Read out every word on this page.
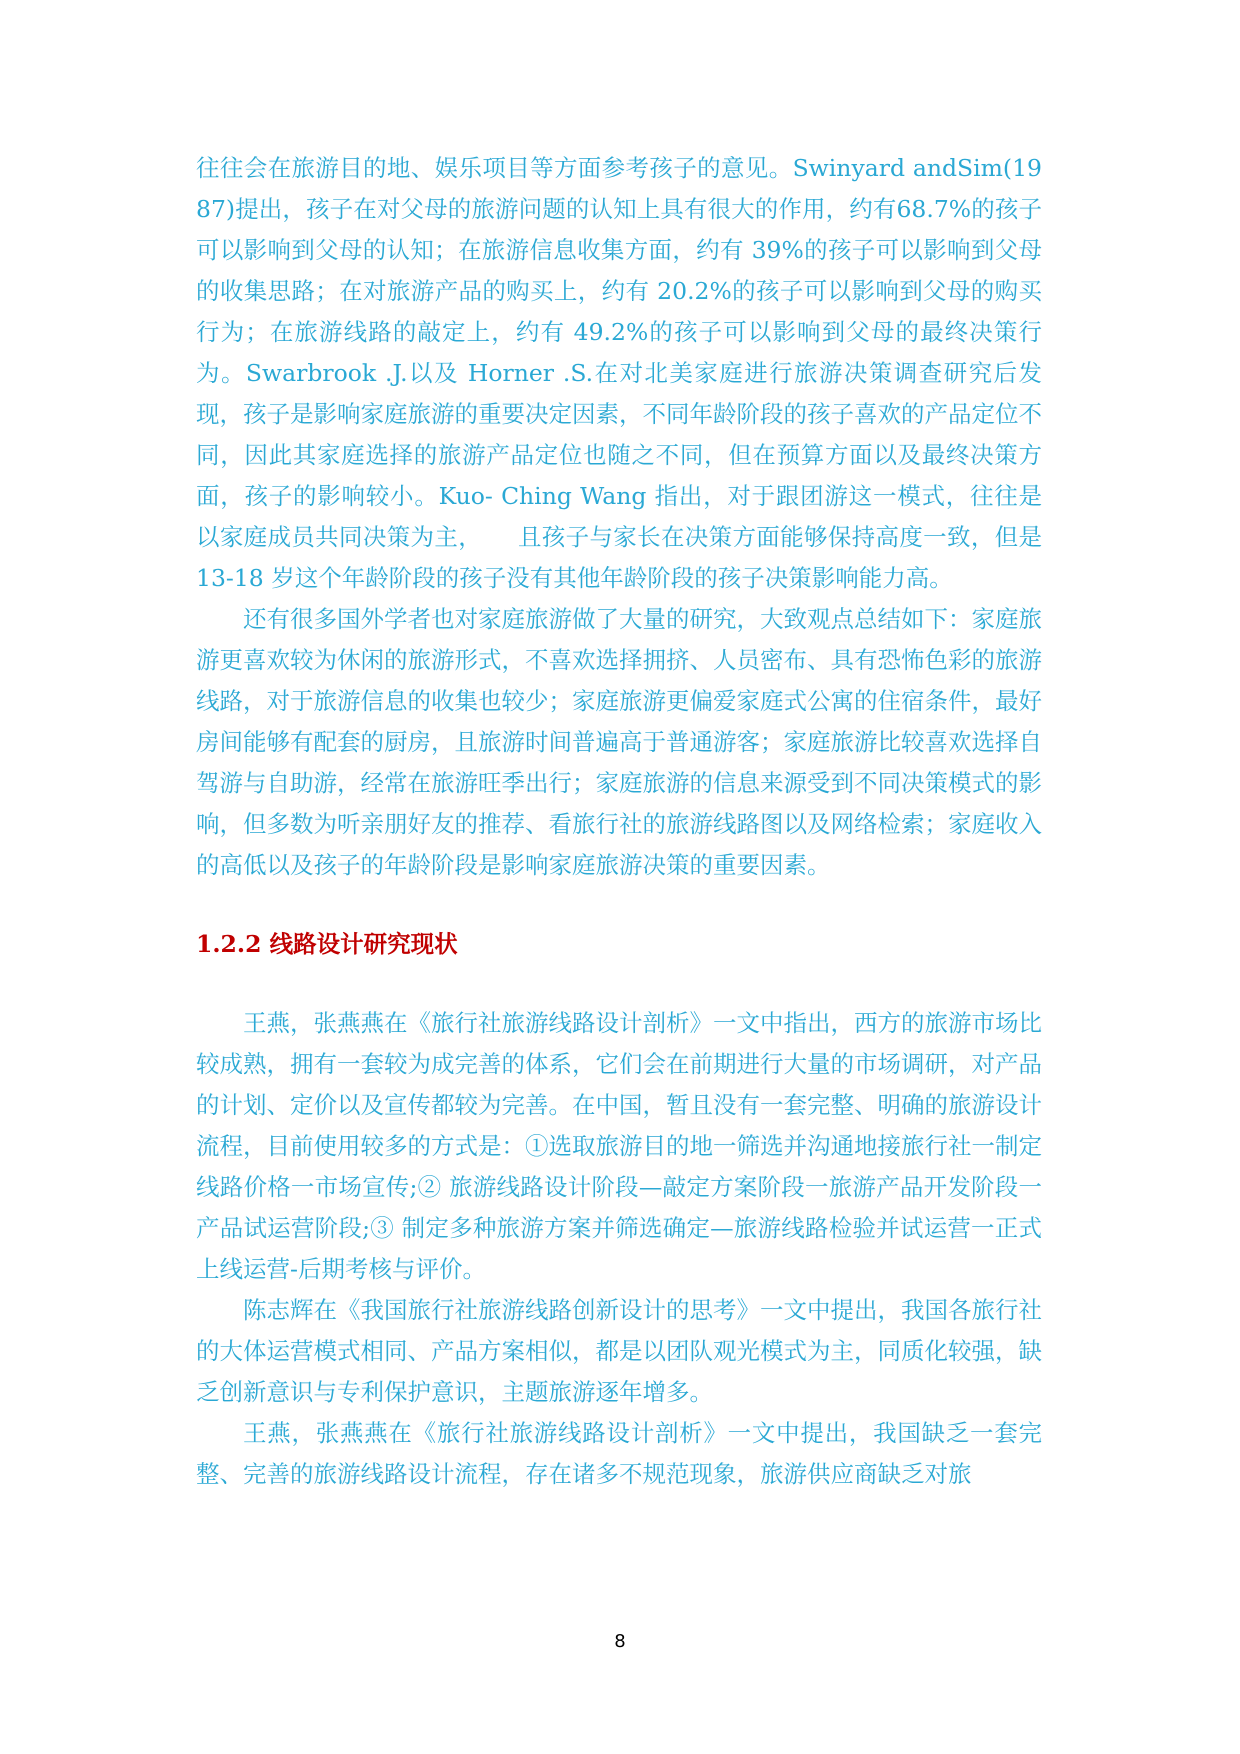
往往会在旅游目的地、娱乐项目等方面参考孩子的意见。Swinyard andSim(1987)提出，孩子在对父母的旅游问题的认知上具有很大的作用，约有68.7%的孩子可以影响到父母的认知；在旅游信息收集方面，约有 39%的孩子可以影响到父母的收集思路；在对旅游产品的购买上，约有 20.2%的孩子可以影响到父母的购买行为；在旅游线路的敲定上，约有 49.2%的孩子可以影响到父母的最终决策行为。Swarbrook .J.以及 Horner .S.在对北美家庭进行旅游决策调查研究后发现，孩子是影响家庭旅游的重要决定因素，不同年龄阶段的孩子喜欢的产品定位不同，因此其家庭选择的旅游产品定位也随之不同，但在预算方面以及最终决策方面，孩子的影响较小。Kuo- Ching Wang 指出，对于跟团游这一模式，往往是以家庭成员共同决策为主，　　且孩子与家长在决策方面能够保持高度一致，但是 13-18 岁这个年龄阶段的孩子没有其他年龄阶段的孩子决策影响能力高。

还有很多国外学者也对家庭旅游做了大量的研究，大致观点总结如下：家庭旅游更喜欢较为休闲的旅游形式，不喜欢选择拥挤、人员密布、具有恐怖色彩的旅游线路，对于旅游信息的收集也较少；家庭旅游更偏爱家庭式公寓的住宿条件，最好房间能够有配套的厨房，且旅游时间普遍高于普通游客；家庭旅游比较喜欢选择自驾游与自助游，经常在旅游旺季出行；家庭旅游的信息来源受到不同决策模式的影响，但多数为听亲朋好友的推荐、看旅行社的旅游线路图以及网络检索；家庭收入的高低以及孩子的年龄阶段是影响家庭旅游决策的重要因素。

1.2.2 线路设计研究现状

王燕，张燕燕在《旅行社旅游线路设计剖析》一文中指出，西方的旅游市场比较成熟，拥有一套较为成完善的体系，它们会在前期进行大量的市场调研，对产品的计划、定价以及宣传都较为完善。在中国，暂且没有一套完整、明确的旅游设计流程，目前使用较多的方式是：①选取旅游目的地一筛选并沟通地接旅行社一制定线路价格一市场宣传;② 旅游线路设计阶段—敲定方案阶段一旅游产品开发阶段一产品试运营阶段;③ 制定多种旅游方案并筛选确定—旅游线路检验并试运营一正式上线运营-后期考核与评价。

陈志辉在《我国旅行社旅游线路创新设计的思考》一文中提出，我国各旅行社的大体运营模式相同、产品方案相似，都是以团队观光模式为主，同质化较强，缺乏创新意识与专利保护意识，主题旅游逐年增多。

王燕，张燕燕在《旅行社旅游线路设计剖析》一文中提出，我国缺乏一套完整、完善的旅游线路设计流程，存在诸多不规范现象，旅游供应商缺乏对旅

8
